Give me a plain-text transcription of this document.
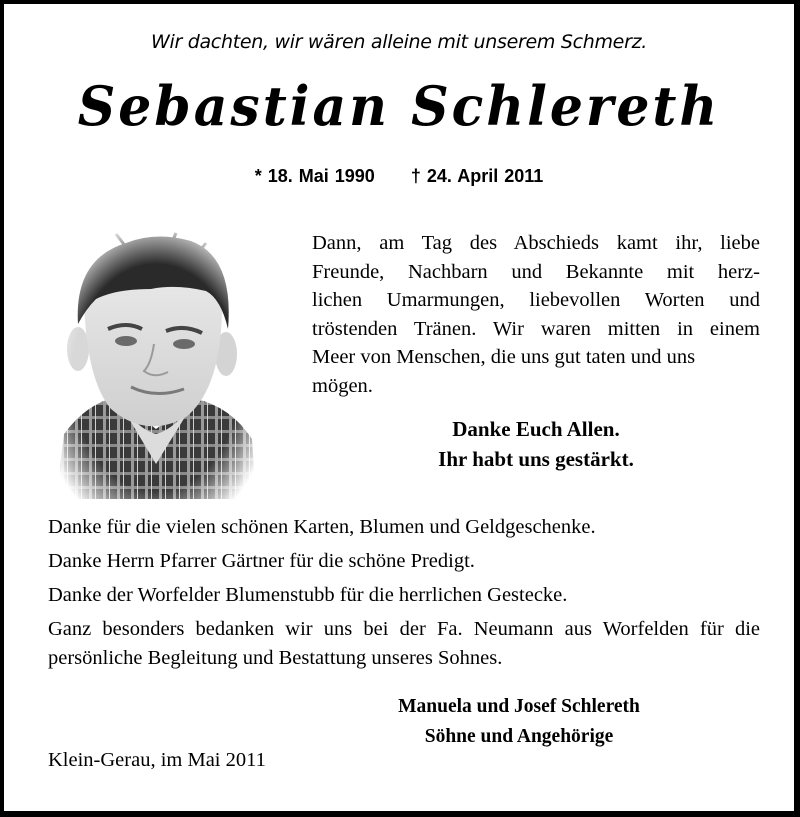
Wir dachten, wir wären alleine mit unserem Schmerz.
Sebastian Schlereth
* 18. Mai 1990 † 24. April 2011
Dann, am Tag des Abschieds kamt ihr, liebe
Freunde, Nachbarn und Bekannte mit herz-
lichen Umarmungen, liebevollen Worten und
tröstenden Tränen. Wir waren mitten in einem
Meer von Menschen, die uns gut taten und uns
mögen.
Danke Euch Allen.
Ihr habt uns gestärkt.
Danke für die vielen schönen Karten, Blumen und Geldgeschenke.
Danke Herrn Pfarrer Gärtner für die schöne Predigt.
Danke der Worfelder Blumenstubb für die herrlichen Gestecke.
Ganz besonders bedanken wir uns bei der Fa. Neumann aus Worfelden für die persönliche Begleitung und Bestattung unseres Sohnes.
Manuela und Josef Schlereth
Söhne und Angehörige
Klein-Gerau, im Mai 2011
